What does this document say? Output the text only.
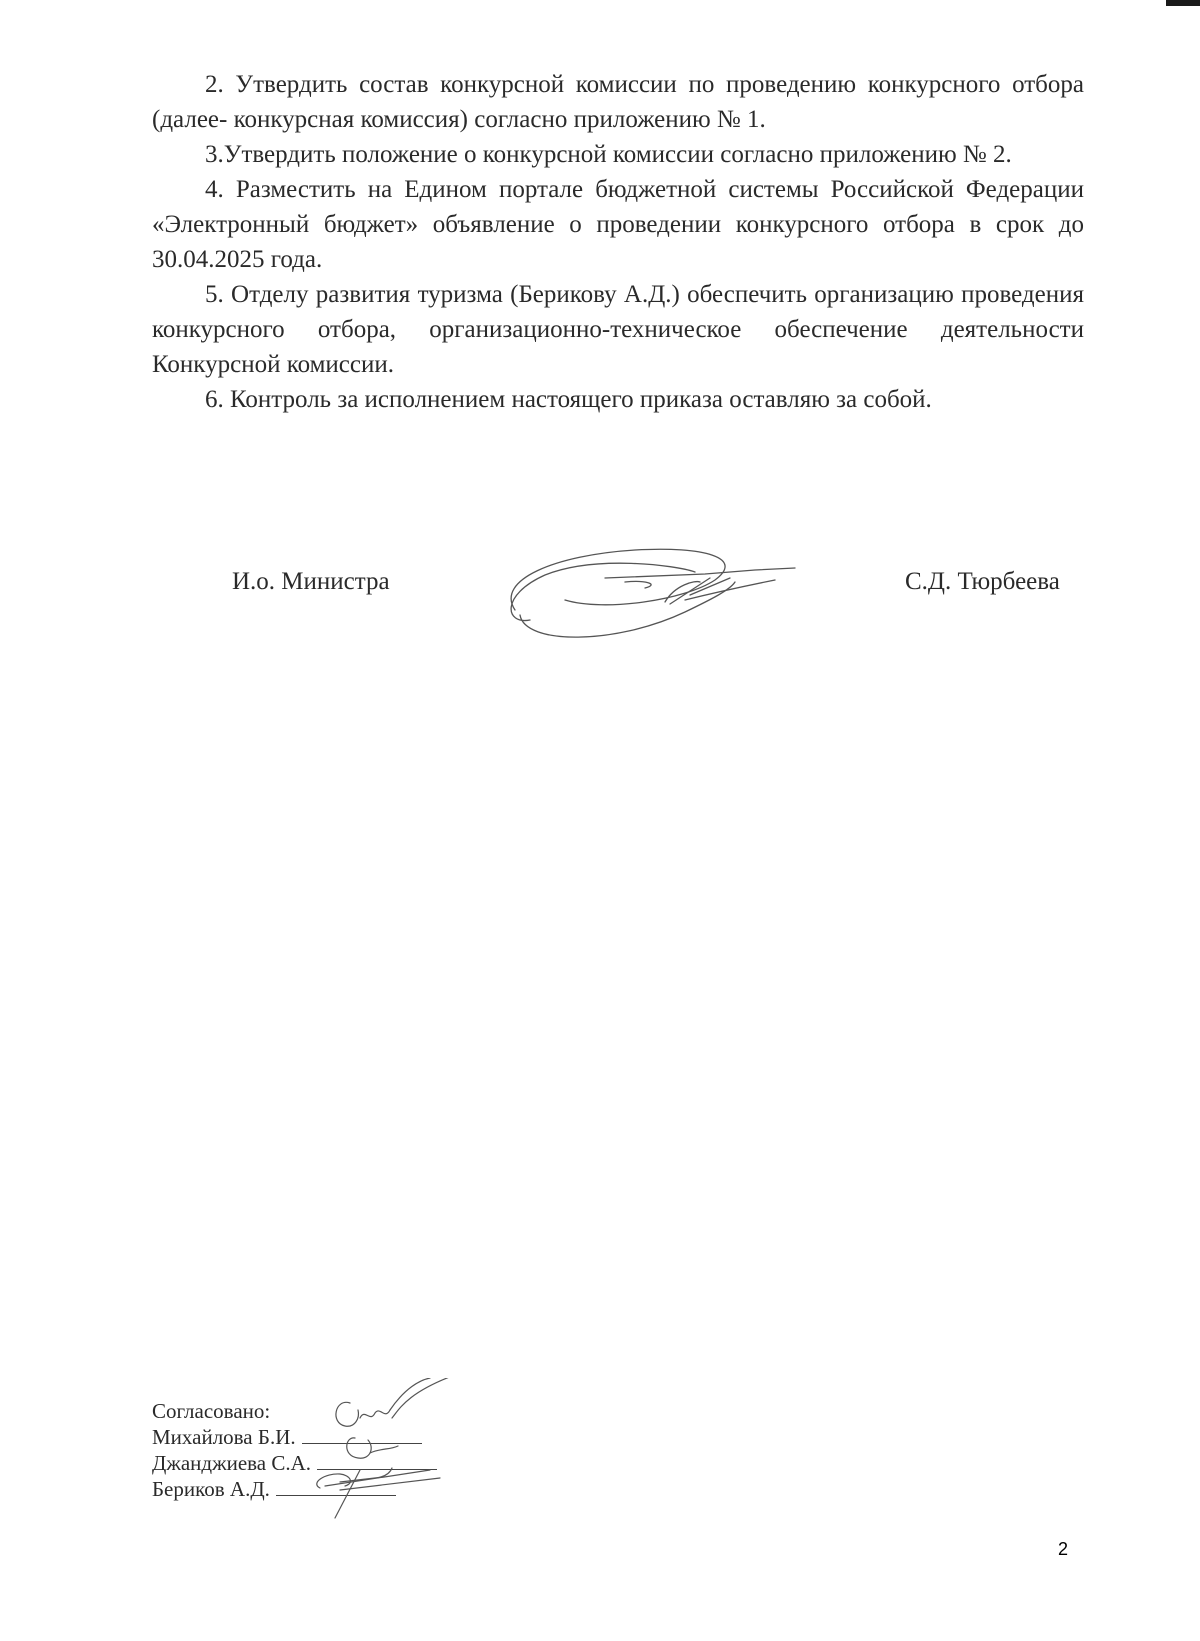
2. Утвердить состав конкурсной комиссии по проведению конкурсного отбора (далее- конкурсная комиссия) согласно приложению № 1.

3.Утвердить положение о конкурсной комиссии согласно приложению № 2.

4. Разместить на Едином портале бюджетной системы Российской Федерации «Электронный бюджет» объявление о проведении конкурсного отбора в срок до 30.04.2025 года.

5. Отделу развития туризма (Берикову А.Д.) обеспечить организацию проведения конкурсного отбора, организационно-техническое обеспечение деятельности Конкурсной комиссии.

6. Контроль за исполнением настоящего приказа оставляю за собой.

И.о. Министра	С.Д. Тюрбеева
Согласовано:
Михайлова Б.И.
Джанджиева С.А.
Бериков А.Д.
2
